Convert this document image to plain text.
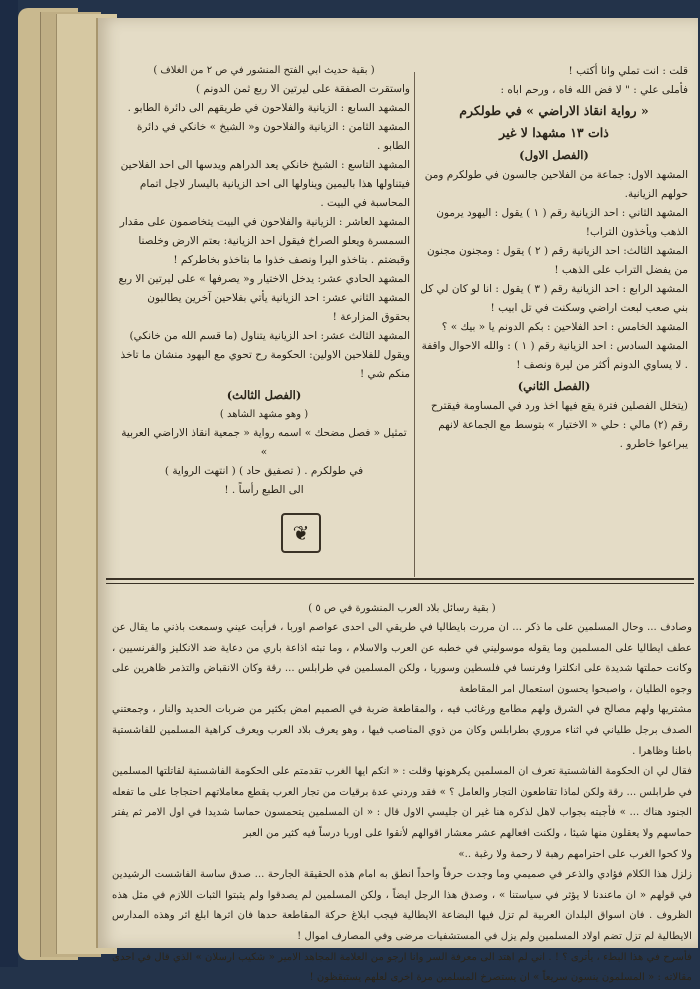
قلت : انت تملي وانا أكتب !

فأملى علي : " لا فض الله فاه ، ورحم اباه :

« رواية انقاذ الاراضي » في طولكرم

ذات ١٣ مشهدا لا غير

(الفصل الاول)

المشهد الاول: جماعة من الفلاحين جالسون في طولكرم ومن حولهم الزيانية.

المشهد الثاني : احد الزيانية رقم ( ١ ) يقول : اليهود يرمون الذهب ويأخذون التراب!

المشهد الثالث: احد الزيانية رقم ( ٢ ) يقول : ومجنون مجنون من يفضل التراب على الذهب !

المشهد الرابع : احد الزيانية رقم ( ٣ ) يقول : انا لو كان لي كل بني صعب لبعت اراضي وسكنت في تل ابيب !

المشهد الخامس : احد الفلاحين : بكم الدونم يا « بيك » ؟

المشهد السادس : احد الزيانية رقم ( ١ ) : والله الاحوال واقفة . لا يساوي الدونم أكثر من ليرة ونصف !

(الفصل الثاني)

(يتخلل الفصلين فترة يقع فيها اخذ ورد في المساومة فيقترح رقم (٢) مالي : حلي « الاختيار » بتوسط مع الجماعة لانهم يبراعوا خاطرو .

( بقية حديث ابي الفتح المنشور في ص ٢ من الغلاف )

واستقرت الصفقة على ليرتين الا ربع ثمن الدونم )

المشهد السابع : الزيانية والفلاحون في طريقهم الى دائرة الطابو .

المشهد الثامن : الزيانية والفلاحون و« الشيخ » خانكي في دائرة الطابو .

المشهد التاسع : الشيخ خانكي يعد الدراهم ويدسها الى احد الفلاحين فيتناولها هذا باليمين ويناولها الى احد الزيانية باليسار لاجل اتمام المحاسبة في البيت .

المشهد العاشر : الزيانية والفلاحون في البيت يتخاصمون على مقدار السمسرة ويعلو الصراخ فيقول احد الزيانية: بعتم الارض وخلصنا وقبضتم . بتاخذو اليرا ونصف خذوا ما بتاخذو بخاطركم !

المشهد الحادي عشر: يدخل الاختيار و« يصرفها » على ليرتين الا ربع

المشهد الثاني عشر: احد الزيانية يأتي بفلاحين آخرين يطالبون بحقوق المزارعة !

المشهد الثالث عشر: احد الزيانية يتناول (ما قسم الله من خانكي) ويقول للفلاحين الاولين: الحكومة رح تحوي مع اليهود منشان ما تاخذ منكم شي !

(الفصل الثالث)

( وهو مشهد الشاهد )

تمثيل « فصل مضحك » اسمه رواية « جمعية انقاذ الاراضي العربية »

في طولكرم . ( تصفيق حاد ) ( انتهت الرواية )

الى الطبع رأساً . !

❦

( بقية رسائل بلاد العرب المنشورة في ص ٥ )

وصادف ... وحال المسلمين على ما ذكر ... ان مررت بايطاليا في طريقي الى احدى عواصم اوربا ، فرأيت عيني وسمعت باذني ما يقال عن عطف ايطاليا على المسلمين وما يقوله موسوليني في خطبه عن العرب والاسلام ، وما تبثه اذاعة باري من دعاية ضد الانكليز والفرنسيين ، وكانت حملتها شديدة على انكلترا وفرنسا في فلسطين وسوريا ، ولكن المسلمين في طرابلس ... رقة وكان الانقباض والتذمر ظاهرين على وجوه الطليان ، واصبحوا يحسون استعمال امر المقاطعة

مشتريها ولهم مصالح في الشرق ولهم مطامع ورغائب فيه ، والمقاطعة ضربة في الصميم امض بكثير من ضربات الحديد والنار ، وجمعتني الصدف برجل طلياني في اثناء مروري بطرابلس وكان من ذوي المناصب فيها ، وهو يعرف بلاد العرب ويعرف كراهية المسلمين للفاشستية باطنا وظاهرا .

فقال لي ان الحكومة الفاشستية تعرف ان المسلمين يكرهونها وقلت : « انكم ايها الغرب تقدمتم على الحكومة الفاشستية لقاتلتها المسلمين في طرابلس ... رقة ولكن لماذا تقاطعون التجار والعامل ؟ » فقد وردني عدة برقيات من تجار العرب يقطع معاملاتهم احتجاجا على ما تفعله الجنود هناك ... » فأجبته بجواب لاهل لذكره هنا غير ان جليسي الاول قال : « ان المسلمين يتحمسون حماسا شديدا في اول الامر ثم يفتر حماسهم ولا يعقلون منها شيئا ، ولكنت افعالهم عشر معشار اقوالهم لأنقوا على اوربا درساً فيه كثير من العبر

ولا كحوا الغرب على احترامهم رهبة لا رحمة ولا رغبة ..»

زلزل هذا الكلام فؤادي والذعر في صميمي وما وجدت حرفاً واحداً انطق به امام هذه الحقيقة الجارحة ... صدق ساسة الفاشست الرشيدين في قولهم « ان ماعندنا لا يؤثر في سياستنا » ، وصدق هذا الرجل ايضاً ، ولكن المسلمين لم يصدقوا ولم يثبتوا الثبات اللازم في مثل هذه الظروف . فان اسواق البلدان العربية لم تزل فيها البضاعة الايطالية فيجب ابلاغ حركة المقاطعة حدها فان اثرها ابلغ اثر وهذه المدارس الايطالية لم تزل تضم اولاد المسلمين ولم يزل في المستشفيات مرضى وفي المصارف اموال !

فأسرح في هذا البطء ، يأترى ؟ ! . اني لم اهتد الى معرفة السر وانا ارجو من العلامة المجاهد الامير « شكيب ارسلان » الذي قال في احدى مقالاته : « المسلمون ينسون سريعاً » ان يستصرخ المسلمين مرة اخرى لعلهم يستيقظون !
